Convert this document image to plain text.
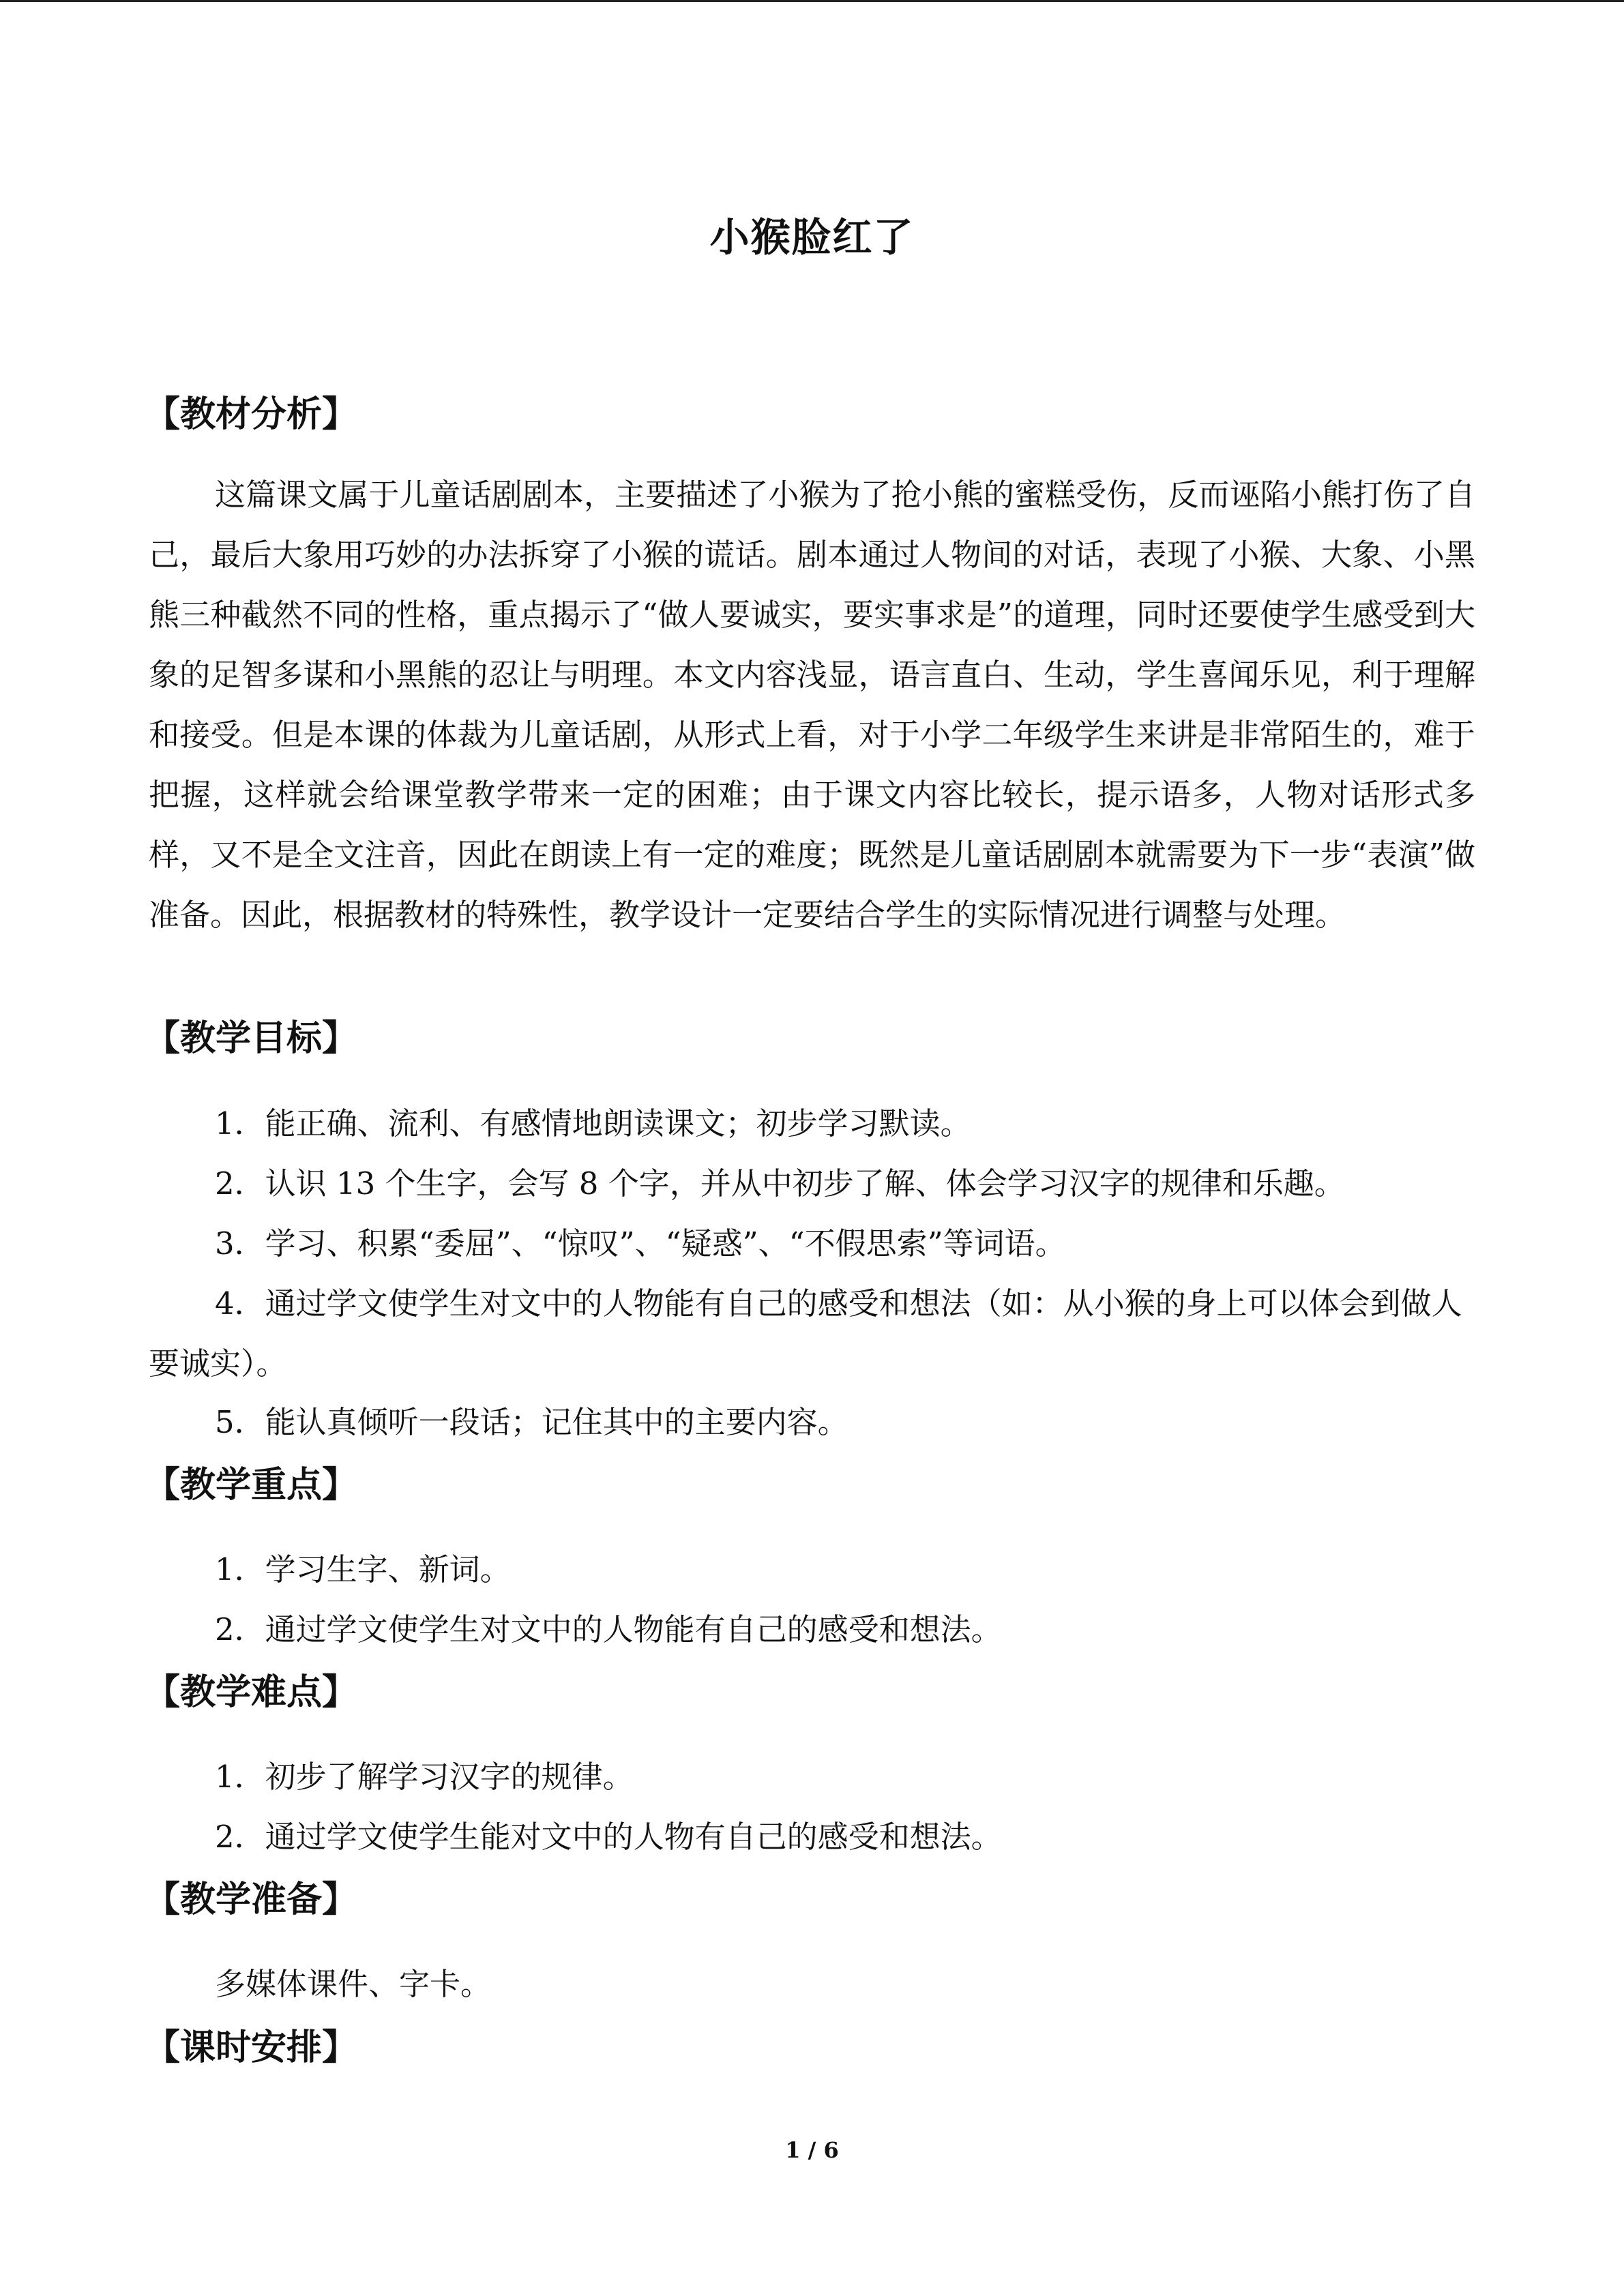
小猴脸红了
【教材分析】

这篇课文属于儿童话剧剧本，主要描述了小猴为了抢小熊的蜜糕受伤，反而诬陷小熊打伤了自己，最后大象用巧妙的办法拆穿了小猴的谎话。剧本通过人物间的对话，表现了小猴、大象、小黑熊三种截然不同的性格，重点揭示了“做人要诚实，要实事求是”的道理，同时还要使学生感受到大象的足智多谋和小黑熊的忍让与明理。本文内容浅显，语言直白、生动，学生喜闻乐见，利于理解和接受。但是本课的体裁为儿童话剧，从形式上看，对于小学二年级学生来讲是非常陌生的，难于把握，这样就会给课堂教学带来一定的困难；由于课文内容比较长，提示语多，人物对话形式多样，又不是全文注音，因此在朗读上有一定的难度；既然是儿童话剧剧本就需要为下一步“表演”做准备。因此，根据教材的特殊性，教学设计一定要结合学生的实际情况进行调整与处理。

【教学目标】

1．能正确、流利、有感情地朗读课文；初步学习默读。

2．认识 13 个生字，会写 8 个字，并从中初步了解、体会学习汉字的规律和乐趣。

3．学习、积累“委屈”、“惊叹”、“疑惑”、“不假思索”等词语。

4．通过学文使学生对文中的人物能有自己的感受和想法（如：从小猴的身上可以体会到做人要诚实）。

5．能认真倾听一段话；记住其中的主要内容。

【教学重点】

1．学习生字、新词。

2．通过学文使学生对文中的人物能有自己的感受和想法。

【教学难点】

1．初步了解学习汉字的规律。

2．通过学文使学生能对文中的人物有自己的感受和想法。

【教学准备】

多媒体课件、字卡。

【课时安排】
1 / 6
